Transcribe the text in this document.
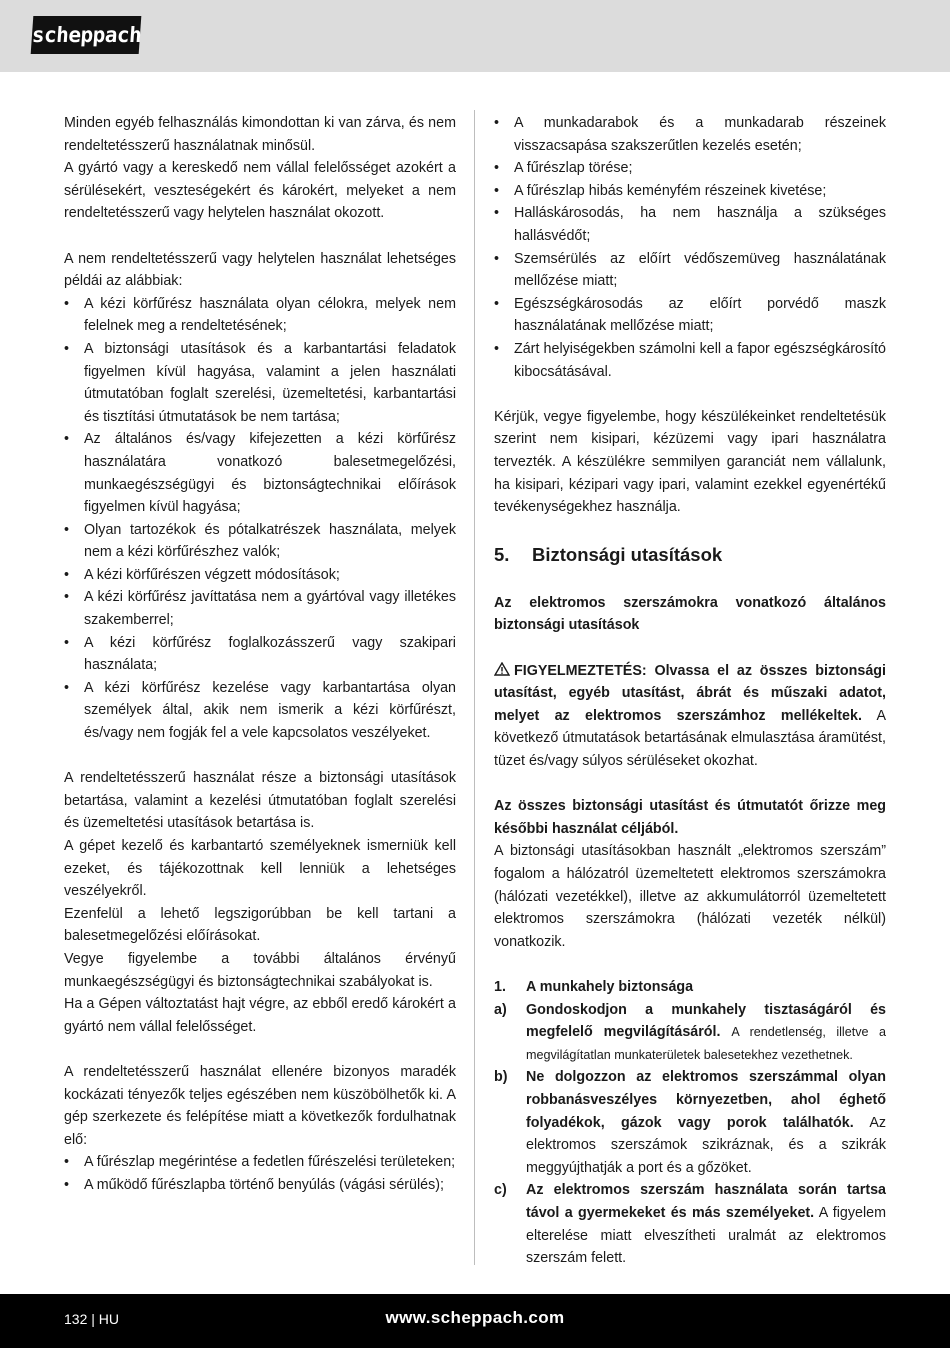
scheppach

Minden egyéb felhasználás kimondottan ki van zárva, és nem rendeltetésszerű használatnak minősül.

A gyártó vagy a kereskedő nem vállal felelősséget azokért a sérülésekért, veszteségekért és károkért, melyeket a nem rendeltetésszerű vagy helytelen használat okozott.

A nem rendeltetésszerű vagy helytelen használat lehetséges példái az alábbiak:

• A kézi körfűrész használata olyan célokra, melyek nem felelnek meg a rendeltetésének;
• A biztonsági utasítások és a karbantartási feladatok figyelmen kívül hagyása, valamint a jelen használati útmutatóban foglalt szerelési, üzemeltetési, karbantartási és tisztítási útmutatások be nem tartása;
• Az általános és/vagy kifejezetten a kézi körfűrész használatára vonatkozó balesetmegelőzési, munkaegészségügyi és biztonságtechnikai előírások figyelmen kívül hagyása;
• Olyan tartozékok és pótalkatrészek használata, melyek nem a kézi körfűrészhez valók;
• A kézi körfűrészen végzett módosítások;
• A kézi körfűrész javíttatása nem a gyártóval vagy illetékes szakemberrel;
• A kézi körfűrész foglalkozásszerű vagy szakipari használata;
• A kézi körfűrész kezelése vagy karbantartása olyan személyek által, akik nem ismerik a kézi körfűrészt, és/vagy nem fogják fel a vele kapcsolatos veszélyeket.

A rendeltetésszerű használat része a biztonsági utasítások betartása, valamint a kezelési útmutatóban foglalt szerelési és üzemeltetési utasítások betartása is.

A gépet kezelő és karbantartó személyeknek ismerniük kell ezeket, és tájékozottnak kell lenniük a lehetséges veszélyekről.

Ezenfelül a lehető legszigorúbban be kell tartani a balesetmegelőzési előírásokat.

Vegye figyelembe a további általános érvényű munkaegészségügyi és biztonságtechnikai szabályokat is.

Ha a Gépen változtatást hajt végre, az ebből eredő károkért a gyártó nem vállal felelősséget.

A rendeltetésszerű használat ellenére bizonyos maradék kockázati tényezők teljes egészében nem küszöbölhetők ki. A gép szerkezete és felépítése miatt a következők fordulhatnak elő:

• A fűrészlap megérintése a fedetlen fűrészelési területeken;
• A működő fűrészlapba történő benyúlás (vágási sérülés);
• A munkadarabok és a munkadarab részeinek visszacsapása szakszerűtlen kezelés esetén;
• A fűrészlap törése;
• A fűrészlap hibás keményfém részeinek kivetése;
• Halláskárosodás, ha nem használja a szükséges hallásvédőt;
• Szemsérülés az előírt védőszemüveg használatának mellőzése miatt;
• Egészségkárosodás az előírt porvédő maszk használatának mellőzése miatt;
• Zárt helyiségekben számolni kell a fapor egészségkárosító kibocsátásával.

Kérjük, vegye figyelembe, hogy készülékeinket rendeltetésük szerint nem kisipari, kézüzemi vagy ipari használatra tervezték. A készülékre semmilyen garanciát nem vállalunk, ha kisipari, kézipari vagy ipari, valamint ezekkel egyenértékű tevékenységekhez használja.

5. Biztonsági utasítások

Az elektromos szerszámokra vonatkozó általános biztonsági utasítások

FIGYELMEZTETÉS: Olvassa el az összes biztonsági utasítást, egyéb utasítást, ábrát és műszaki adatot, melyet az elektromos szerszámhoz mellékeltek. A következő útmutatások betartásának elmulasztása áramütést, tüzet és/vagy súlyos sérüléseket okozhat.

Az összes biztonsági utasítást és útmutatót őrizze meg későbbi használat céljából.

A biztonsági utasításokban használt „elektromos szerszám” fogalom a hálózatról üzemeltetett elektromos szerszámokra (hálózati vezetékkel), illetve az akkumulátorról üzemeltetett elektromos szerszámokra (hálózati vezeték nélkül) vonatkozik.

1. A munkahely biztonsága
a) Gondoskodjon a munkahely tisztaságáról és megfelelő megvilágításáról. A rendetlenség, illetve a megvilágítatlan munkaterületek balesetekhez vezethetnek.
b) Ne dolgozzon az elektromos szerszámmal olyan robbanásveszélyes környezetben, ahol éghető folyadékok, gázok vagy porok találhatók. Az elektromos szerszámok szikráznak, és a szikrák meggyújthatják a port és a gőzöket.
c) Az elektromos szerszám használata során tartsa távol a gyermekeket és más személyeket. A figyelem elterelése miatt elveszítheti uralmát az elektromos szerszám felett.
132 | HU	www.scheppach.com
